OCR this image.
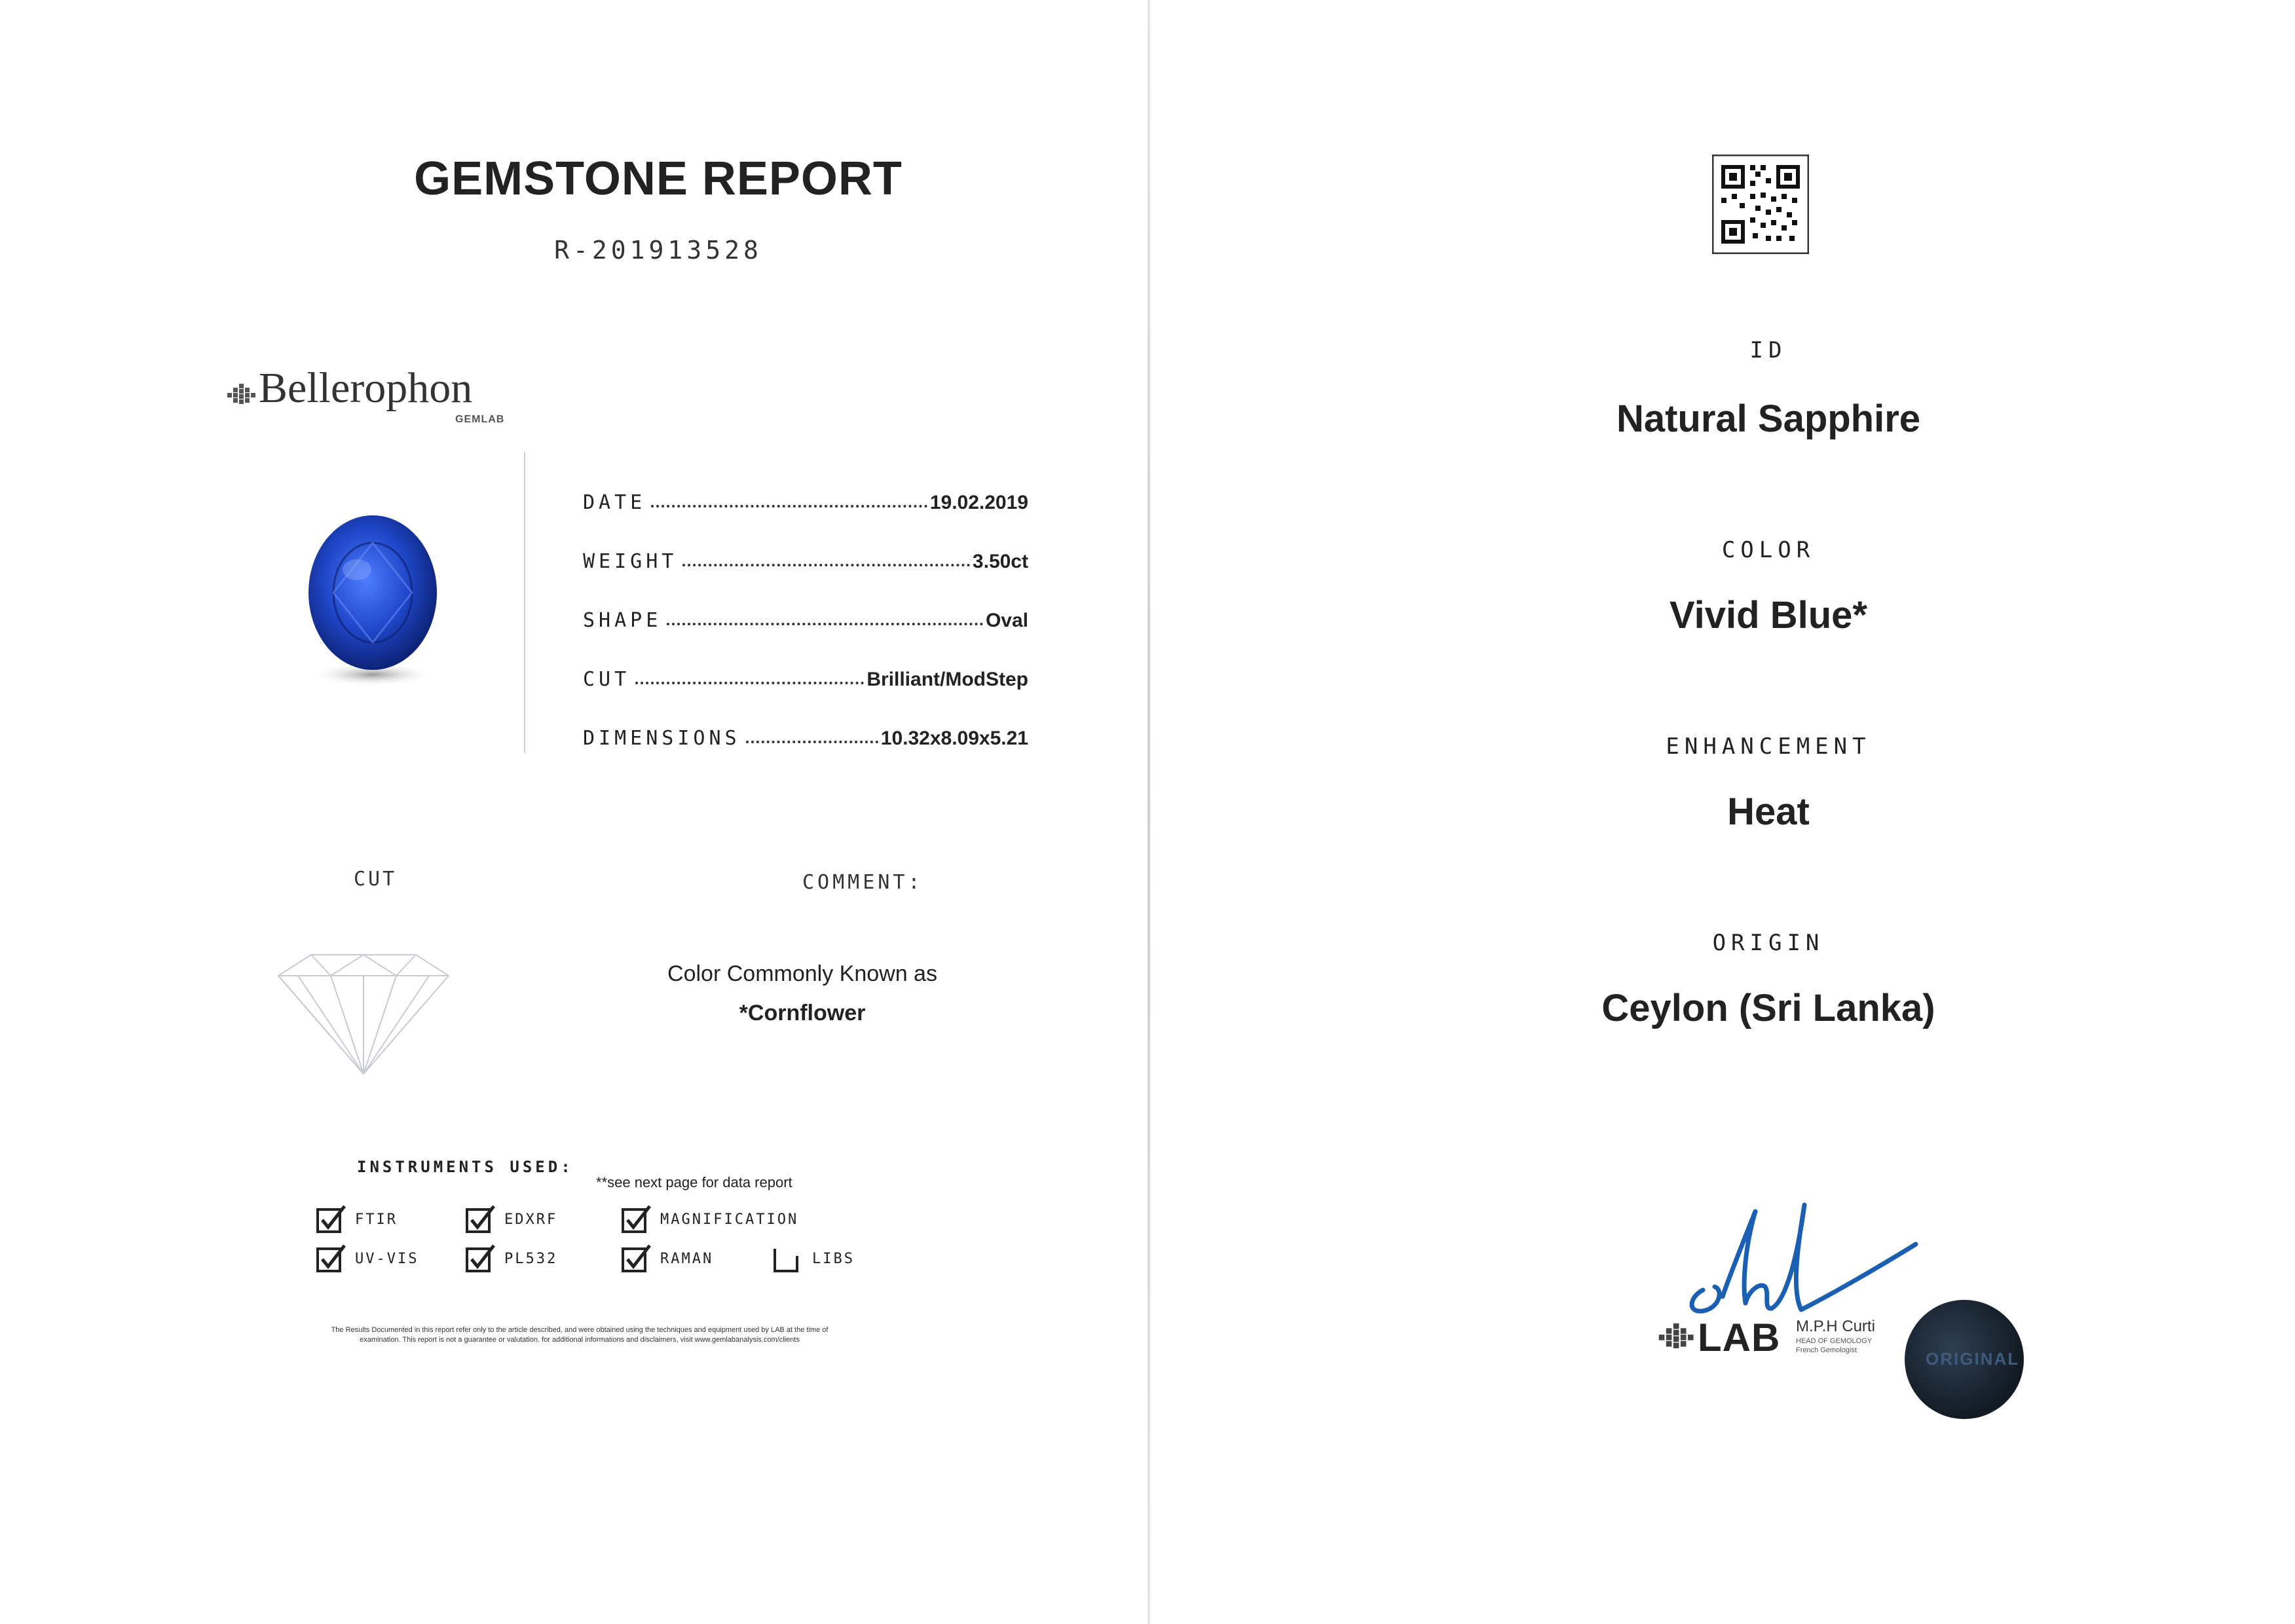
GEMSTONE REPORT
R-201913528
Bellerophon
GEMLAB
DATE	19.02.2019
WEIGHT	3.50ct
SHAPE	Oval
CUT	Brilliant/ModStep
DIMENSIONS	10.32x8.09x5.21
CUT	COMMENT:
Color Commonly Known as
*Cornflower
INSTRUMENTS USED:
**see next page for data report
FTIR	EDXRF	MAGNIFICATION
UV-VIS	PL532	RAMAN	LIBS
The Results Documented in this report refer only to the article described, and were obtained using the techniques and equipment used by LAB at the time of
examination. This report is not a guarantee or valutation. for additional informations and disclaimers, visit www.gemlabanalysis.com/clients
ID
Natural Sapphire
COLOR
Vivid Blue*
ENHANCEMENT
Heat
ORIGIN
Ceylon (Sri Lanka)
LAB M.P.H Curti
HEAD OF GEMOLOGY
French Gemologist	ORIGINAL
